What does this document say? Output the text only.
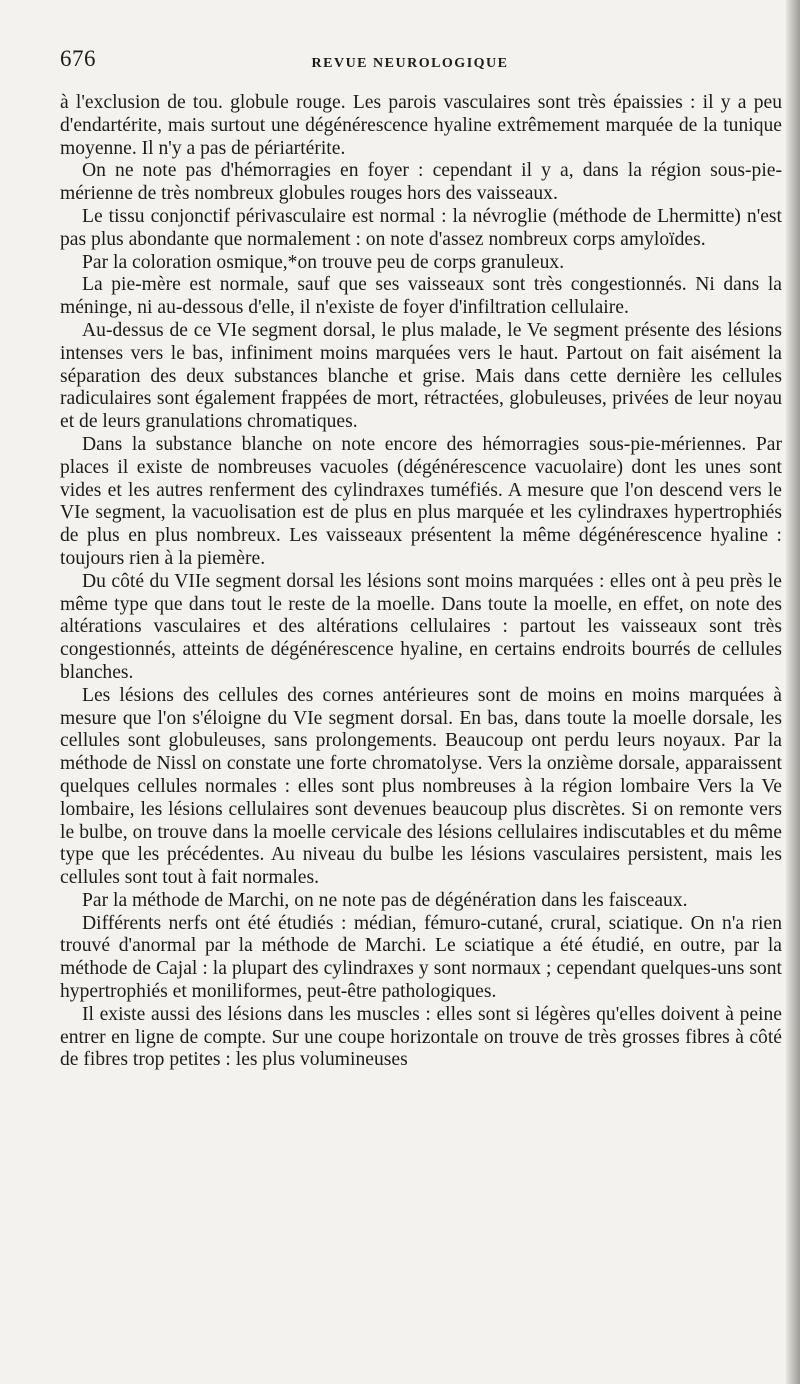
676	REVUE NEUROLOGIQUE

à l'exclusion de tou. globule rouge. Les parois vasculaires sont très épaissies : il y a peu d'endartérite, mais surtout une dégénérescence hyaline extrêmement marquée de la tunique moyenne. Il n'y a pas de périartérite.

On ne note pas d'hémorragies en foyer : cependant il y a, dans la région sous-pie-mérienne de très nombreux globules rouges hors des vaisseaux.

Le tissu conjonctif périvasculaire est normal : la névroglie (méthode de Lhermitte) n'est pas plus abondante que normalement : on note d'assez nombreux corps amyloïdes.

Par la coloration osmique,*on trouve peu de corps granuleux.

La pie-mère est normale, sauf que ses vaisseaux sont très congestionnés. Ni dans la méninge, ni au-dessous d'elle, il n'existe de foyer d'infiltration cellulaire.

Au-dessus de ce VIe segment dorsal, le plus malade, le Ve segment présente des lésions intenses vers le bas, infiniment moins marquées vers le haut. Partout on fait aisément la séparation des deux substances blanche et grise. Mais dans cette dernière les cellules radiculaires sont également frappées de mort, rétractées, globuleuses, privées de leur noyau et de leurs granulations chromatiques.

Dans la substance blanche on note encore des hémorragies sous-pie-mériennes. Par places il existe de nombreuses vacuoles (dégénérescence vacuolaire) dont les unes sont vides et les autres renferment des cylindraxes tuméfiés. A mesure que l'on descend vers le VIe segment, la vacuolisation est de plus en plus marquée et les cylindraxes hypertrophiés de plus en plus nombreux. Les vaisseaux présentent la même dégénérescence hyaline : toujours rien à la piemère.

Du côté du VIIe segment dorsal les lésions sont moins marquées : elles ont à peu près le même type que dans tout le reste de la moelle. Dans toute la moelle, en effet, on note des altérations vasculaires et des altérations cellulaires : partout les vaisseaux sont très congestionnés, atteints de dégénérescence hyaline, en certains endroits bourrés de cellules blanches.

Les lésions des cellules des cornes antérieures sont de moins en moins marquées à mesure que l'on s'éloigne du VIe segment dorsal. En bas, dans toute la moelle dorsale, les cellules sont globuleuses, sans prolongements. Beaucoup ont perdu leurs noyaux. Par la méthode de Nissl on constate une forte chromatolyse. Vers la onzième dorsale, apparaissent quelques cellules normales : elles sont plus nombreuses à la région lombaire Vers la Ve lombaire, les lésions cellulaires sont devenues beaucoup plus discrètes. Si on remonte vers le bulbe, on trouve dans la moelle cervicale des lésions cellulaires indiscutables et du même type que les précédentes. Au niveau du bulbe les lésions vasculaires persistent, mais les cellules sont tout à fait normales.

Par la méthode de Marchi, on ne note pas de dégénération dans les faisceaux.

Différents nerfs ont été étudiés : médian, fémuro-cutané, crural, sciatique. On n'a rien trouvé d'anormal par la méthode de Marchi. Le sciatique a été étudié, en outre, par la méthode de Cajal : la plupart des cylindraxes y sont normaux ; cependant quelques-uns sont hypertrophiés et moniliformes, peut-être pathologiques.

Il existe aussi des lésions dans les muscles : elles sont si légères qu'elles doivent à peine entrer en ligne de compte. Sur une coupe horizontale on trouve de très grosses fibres à côté de fibres trop petites : les plus volumineuses
